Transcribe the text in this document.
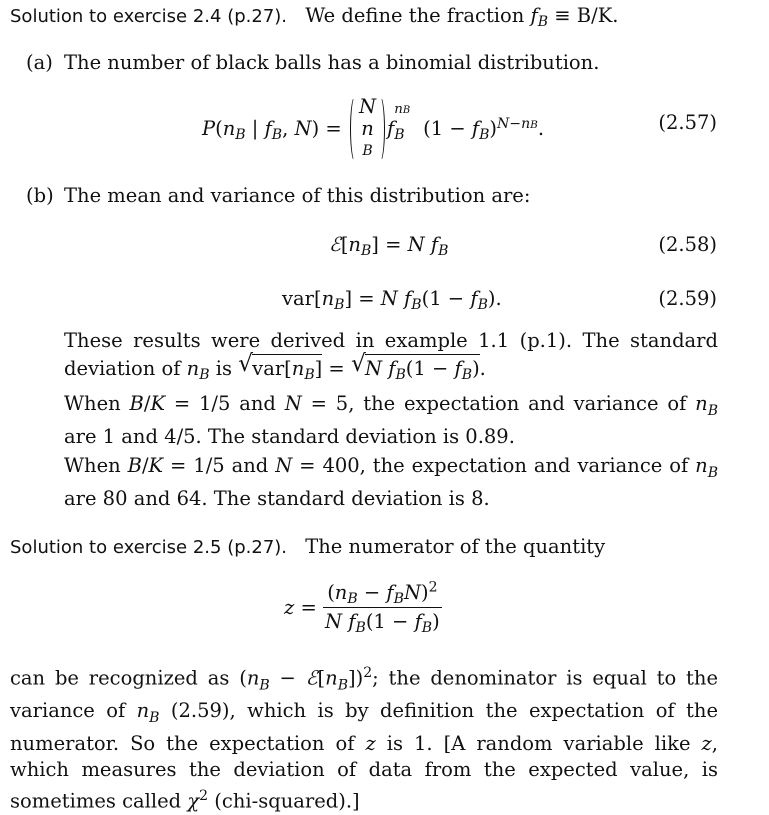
Solution to exercise 2.4 (p.27). We define the fraction $f_B \equiv B/K$.
(a) The number of black balls has a binomial distribution.
$P(n_B$ | $f_B$, N) =
N
n
B
f
$_{nB B}$   $(1 - f_B)^{N-nB}$.	(2.57)
(b) The mean and variance of this distribution are:
$ℰ[n_B] = N$ $f_B$	(2.58)
$var[n_B] = N$ $f_B(1 - f_B)$.	(2.59)

These results were derived in example 1.1 (p.1). The standard deviation of $n_B$ is √ $var[n_B]$ = √ N $f_B(1 - f_B)$.

When B/K = 1/5 and N = 5, the expectation and variance of $n_B$ are 1 and 4/5. The standard deviation is 0.89.

When B/K = 1/5 and N = 400, the expectation and variance of $n_B$ are 80 and 64. The standard deviation is 8.

Solution to exercise 2.5 (p.27). The numerator of the quantity
$z = \frac{(n_B - f_BN)^2}{N f_B(1 - f_B)}$

can be recognized as ($n_B$ − $ℰ[n_B])^2$; the denominator is equal to the variance of $n_B$ (2.59), which is by definition the expectation of the numerator. So the expectation of z is 1. [A random variable like z, which measures the deviation of data from the expected value, is sometimes called $\chi^2$ (chi-squared).]
